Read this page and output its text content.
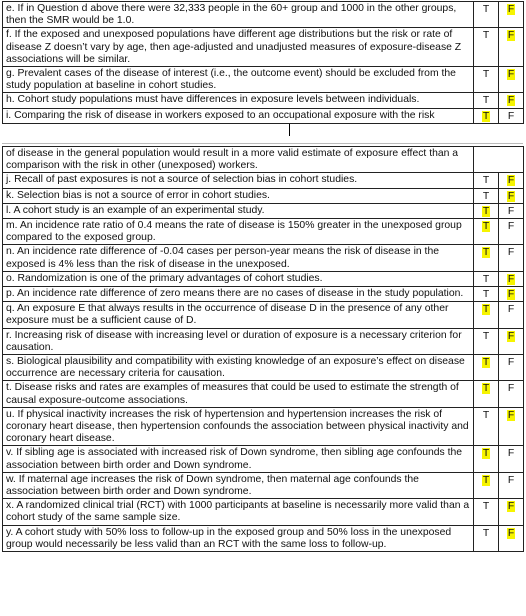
e. If in Question d above there were 32,333 people in the 60+ group and 1000 in the other groups, then the SMR would be 1.0.	T	F
f. If the exposed and unexposed populations have different age distributions but the risk or rate of disease Z doesn’t vary by age, then age-adjusted and unadjusted measures of exposure-disease Z associations will be similar.	T	F
g. Prevalent cases of the disease of interest (i.e., the outcome event) should be excluded from the study population at baseline in cohort studies.	T	F
h. Cohort study populations must have differences in exposure levels between individuals.	T	F
i. Comparing the risk of disease in workers exposed to an occupational exposure with the risk	T	F
of disease in the general population would result in a more valid estimate of exposure effect than a comparison with the risk in other (unexposed) workers.		
j. Recall of past exposures is not a source of selection bias in cohort studies.	T	F
k. Selection bias is not a source of error in cohort studies.	T	F
l. A cohort study is an example of an experimental study.	T	F
m. An incidence rate ratio of 0.4 means the rate of disease is 150% greater in the unexposed group compared to the exposed group.	T	F
n. An incidence rate difference of -0.04 cases per person-year means the risk of disease in the exposed is 4% less than the risk of disease in the unexposed.	T	F
o. Randomization is one of the primary advantages of cohort studies.	T	F
p. An incidence rate difference of zero means there are no cases of disease in the study population.	T	F
q. An exposure E that always results in the occurrence of disease D in the presence of any other exposure must be a sufficient cause of D.	T	F
r. Increasing risk of disease with increasing level or duration of exposure is a necessary criterion for causation.	T	F
s. Biological plausibility and compatibility with existing knowledge of an exposure’s effect on disease occurrence are necessary criteria for causation.	T	F
t. Disease risks and rates are examples of measures that could be used to estimate the strength of causal exposure-outcome associations.	T	F
u. If physical inactivity increases the risk of hypertension and hypertension increases the risk of coronary heart disease, then hypertension confounds the association between physical inactivity and coronary heart disease.	T	F
v. If sibling age is associated with increased risk of Down syndrome, then sibling age confounds the association between birth order and Down syndrome.	T	F
w. If maternal age increases the risk of Down syndrome, then maternal age confounds the association between birth order and Down syndrome.	T	F
x. A randomized clinical trial (RCT) with 1000 participants at baseline is necessarily more valid than a cohort study of the same sample size.	T	F
y. A cohort study with 50% loss to follow-up in the exposed group and 50% loss in the unexposed group would necessarily be less valid than an RCT with the same loss to follow-up.	T	F
